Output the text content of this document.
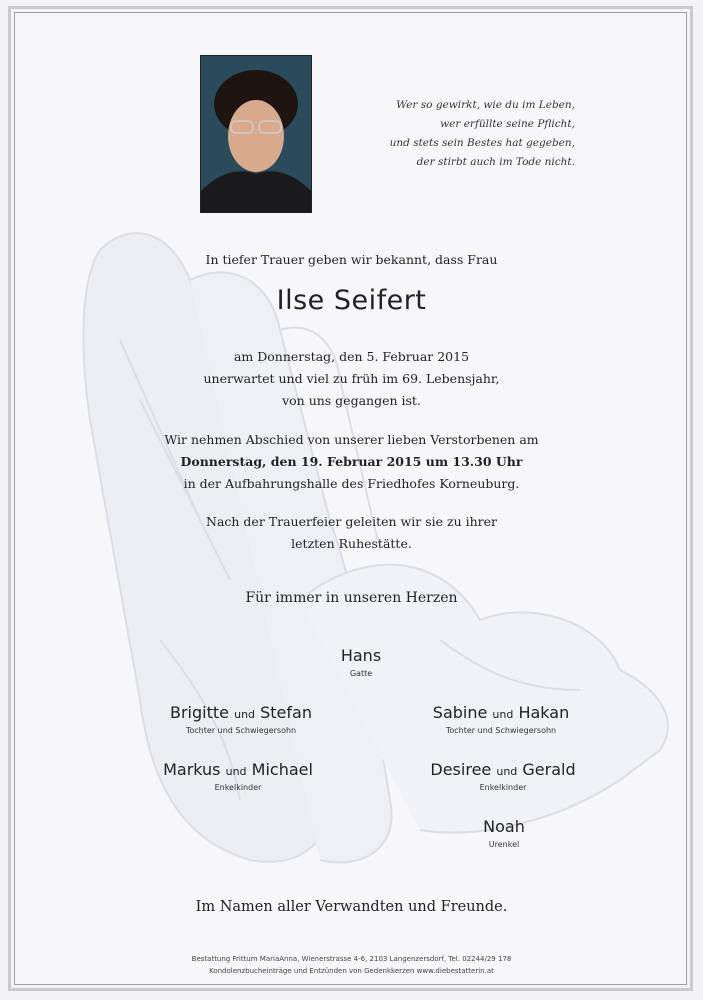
Wer so gewirkt, wie du im Leben,
wer erfüllte seine Pflicht,
und stets sein Bestes hat gegeben,
der stirbt auch im Tode nicht.
In tiefer Trauer geben wir bekannt, dass Frau
Ilse Seifert
am Donnerstag, den 5. Februar 2015
unerwartet und viel zu früh im 69. Lebensjahr,
von uns gegangen ist.
Wir nehmen Abschied von unserer lieben Verstorbenen am
Donnerstag, den 19. Februar 2015 um 13.30 Uhr
in der Aufbahrungshalle des Friedhofes Korneuburg.
Nach der Trauerfeier geleiten wir sie zu ihrer
letzten Ruhestätte.
Für immer in unseren Herzen
Hans
Gatte
Brigitte und Stefan
Tochter und Schwiegersohn
Sabine und Hakan
Tochter und Schwiegersohn
Markus und Michael
Enkelkinder
Desiree und Gerald
Enkelkinder
Noah
Urenkel
Im Namen aller Verwandten und Freunde.
Bestattung Frittum MariaAnna, Wienerstrasse 4-6, 2103 Langenzersdorf, Tel. 02244/29 178
Kondolenzbucheinträge und Entzünden von Gedenkkerzen www.diebestatterin.at
